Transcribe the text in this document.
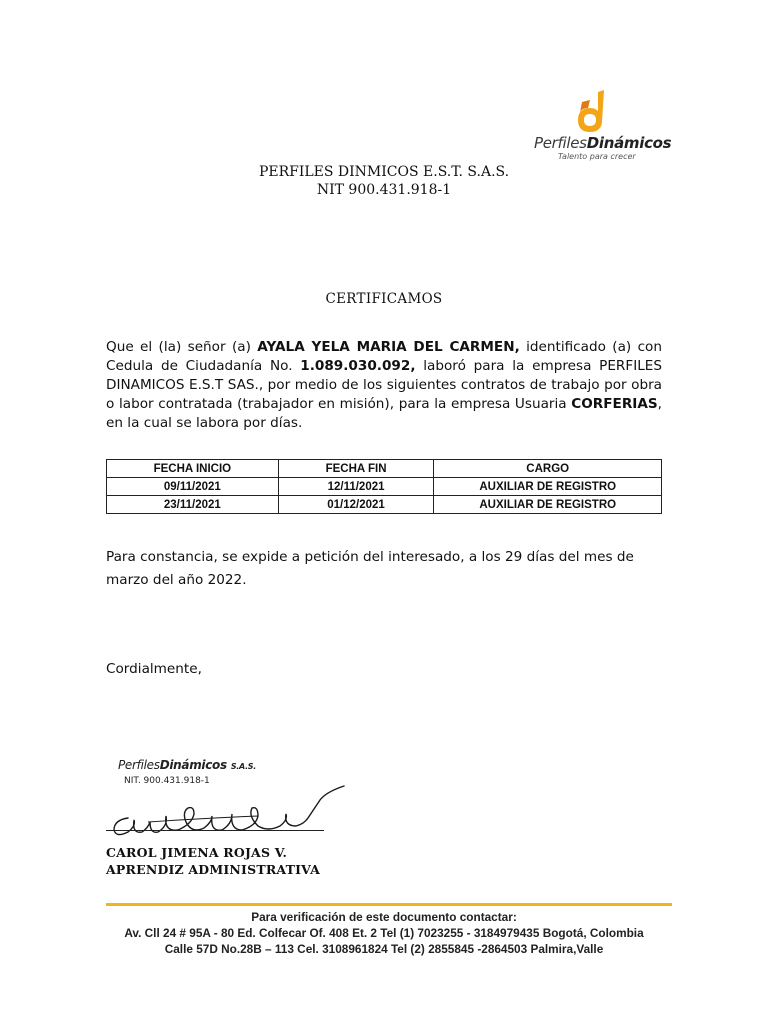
PerfilesDinámicos
Talento para crecer
PERFILES DINMICOS E.S.T. S.A.S.
NIT 900.431.918-1
CERTIFICAMOS
Que el (la) señor (a) AYALA YELA MARIA DEL CARMEN, identificado (a) con Cedula de Ciudadanía No. 1.089.030.092, laboró para la empresa PERFILES DINAMICOS E.S.T SAS., por medio de los siguientes contratos de trabajo por obra o labor contratada (trabajador en misión), para la empresa Usuaria CORFERIAS, en la cual se labora por días.
FECHA INICIO	FECHA FIN	CARGO
09/11/2021	12/11/2021	AUXILIAR DE REGISTRO
23/11/2021	01/12/2021	AUXILIAR DE REGISTRO
Para constancia, se expide a petición del interesado, a los 29 días del mes de marzo del año 2022.
Cordialmente,
PerfilesDinámicos S.A.S.
NIT. 900.431.918-1
CAROL JIMENA ROJAS V.
APRENDIZ ADMINISTRATIVA
Para verificación de este documento contactar:
Av. Cll 24 # 95A - 80 Ed. Colfecar Of. 408 Et. 2 Tel (1) 7023255 - 3184979435 Bogotá, Colombia
Calle 57D No.28B – 113 Cel. 3108961824 Tel (2) 2855845 -2864503 Palmira,Valle
